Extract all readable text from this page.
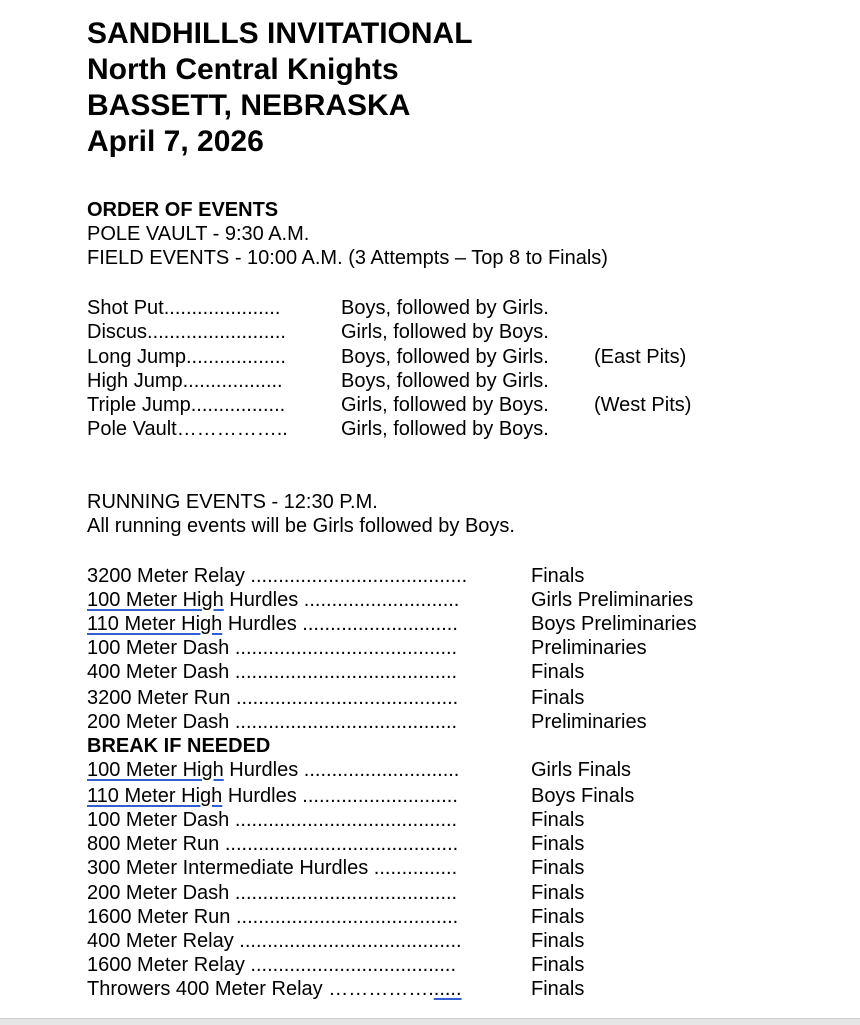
SANDHILLS INVITATIONAL
North Central Knights
BASSETT, NEBRASKA
April 7, 2026
ORDER OF EVENTS
POLE VAULT - 9:30 A.M.
FIELD EVENTS - 10:00 A.M. (3 Attempts – Top 8 to Finals)
Shot Put.....................	Boys, followed by Girls.
Discus.........................	Girls, followed by Boys.
Long Jump..................	Boys, followed by Girls. (East Pits)
High Jump..................	Boys, followed by Girls.
Triple Jump.................	Girls, followed by Boys. (West Pits)
Pole Vault……………..	Girls, followed by Boys.
RUNNING EVENTS - 12:30 P.M.
All running events will be Girls followed by Boys.
3200 Meter Relay .......................................	Finals
100 Meter High Hurdles ............................	Girls Preliminaries
110 Meter High Hurdles ............................	Boys Preliminaries
100 Meter Dash ........................................	Preliminaries
400 Meter Dash ........................................	Finals
3200 Meter Run ........................................	Finals
200 Meter Dash ........................................	Preliminaries
BREAK IF NEEDED
100 Meter High Hurdles ............................	Girls Finals
110 Meter High Hurdles ............................	Boys Finals
100 Meter Dash ........................................	Finals
800 Meter Run ..........................................	Finals
300 Meter Intermediate Hurdles ...............	Finals
200 Meter Dash ........................................	Finals
1600 Meter Run ........................................	Finals
400 Meter Relay ........................................	Finals
1600 Meter Relay .....................................	Finals
Throwers 400 Meter Relay ……………......	Finals
